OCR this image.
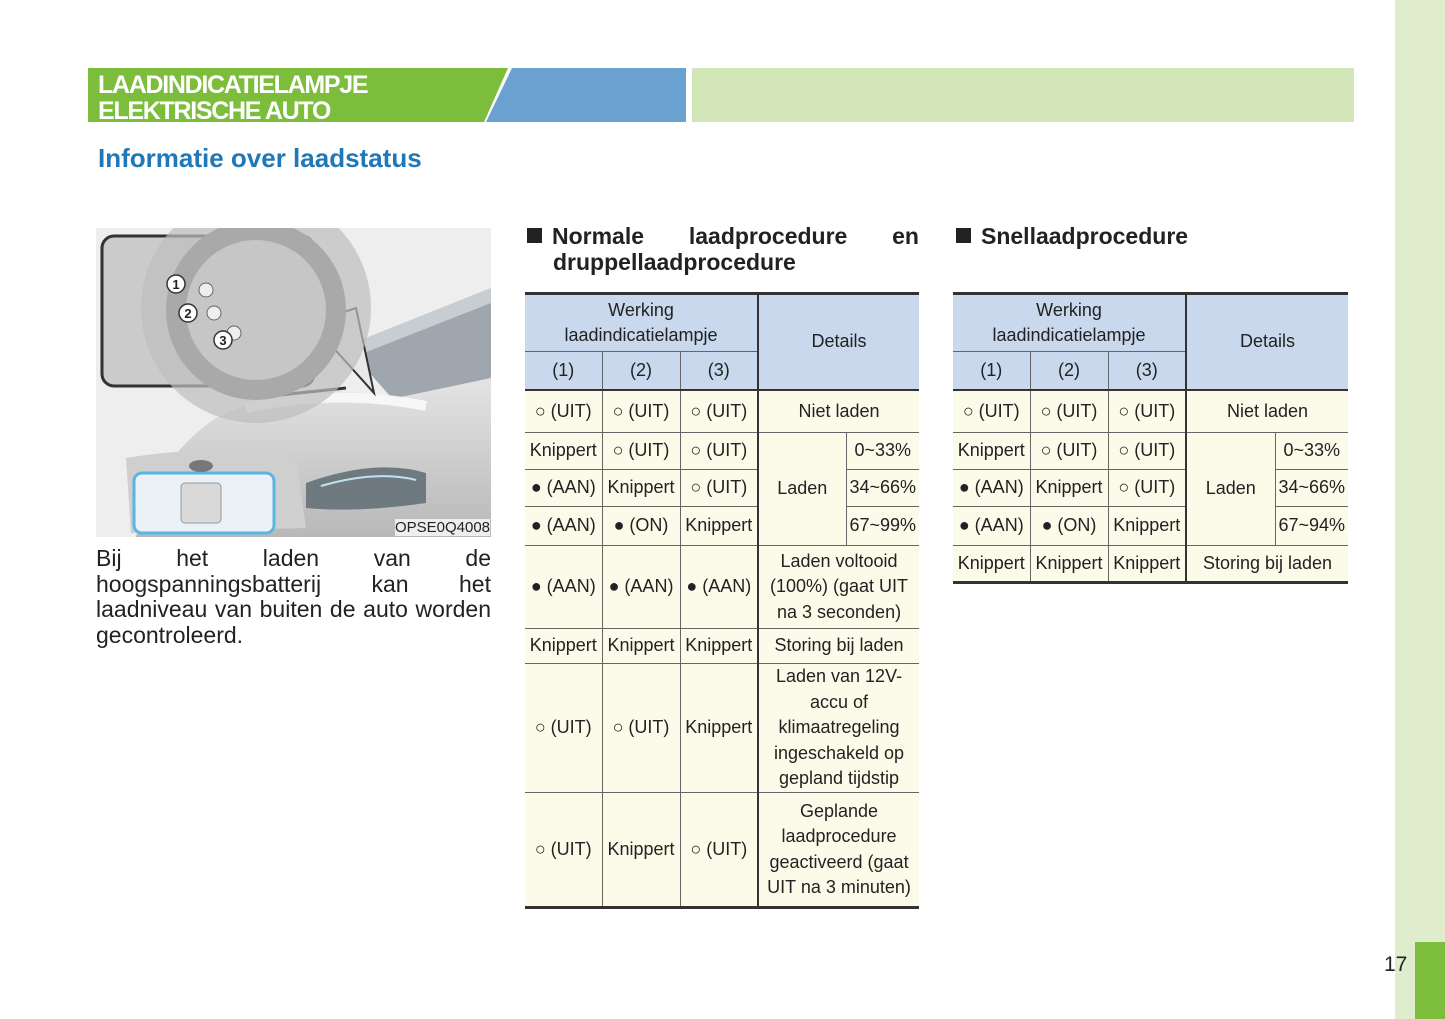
17
LAADINDICATIELAMPJE
ELEKTRISCHE AUTO
Informatie over laadstatus
1
2
3
OPSE0Q4008
Bij het laden van de hoogspanningsbatterij kan het laadniveau van buiten de auto worden gecontroleerd.
Normale laadprocedure en
druppellaadprocedure
Snellaadprocedure
Werking laadindicatielampje			Details	
(1)	(2)	(3)		
○ (UIT)	○ (UIT)	○ (UIT)	Niet laden	
Knippert	○ (UIT)	○ (UIT)	Laden	0~33%
● (AAN)	Knippert	○ (UIT)		34~66%
● (AAN)	● (ON)	Knippert		67~99%
● (AAN)	● (AAN)	● (AAN)	Laden voltooid (100%) (gaat UIT na 3 seconden)	
Knippert	Knippert	Knippert	Storing bij laden	
○ (UIT)	○ (UIT)	Knippert	Laden van 12V-accu of klimaatregeling ingeschakeld op gepland tijdstip	
○ (UIT)	Knippert	○ (UIT)	Geplande laadprocedure geactiveerd (gaat UIT na 3 minuten)	
Werking laadindicatielampje			Details	
(1)	(2)	(3)		
○ (UIT)	○ (UIT)	○ (UIT)	Niet laden	
Knippert	○ (UIT)	○ (UIT)	Laden	0~33%
● (AAN)	Knippert	○ (UIT)		34~66%
● (AAN)	● (ON)	Knippert		67~94%
Knippert	Knippert	Knippert	Storing bij laden	
